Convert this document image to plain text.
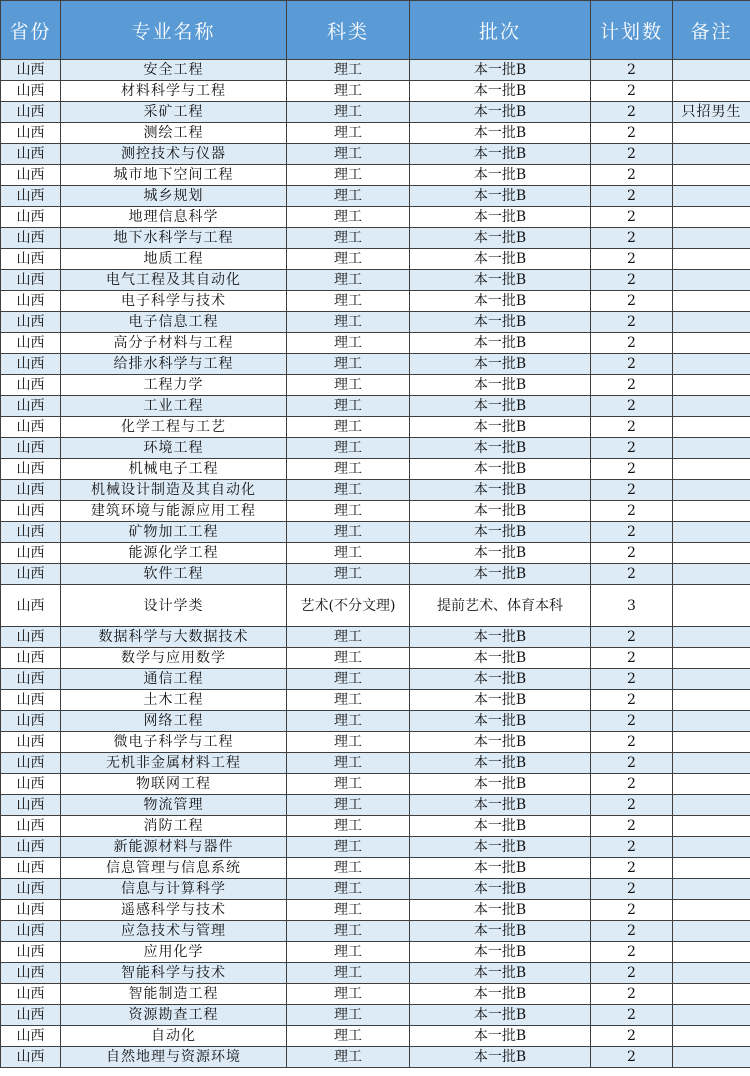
省份	专业名称	科类	批次	计划数	备注
山西	安全工程	理工	本一批B	2	
山西	材料科学与工程	理工	本一批B	2	
山西	采矿工程	理工	本一批B	2	只招男生
山西	测绘工程	理工	本一批B	2	
山西	测控技术与仪器	理工	本一批B	2	
山西	城市地下空间工程	理工	本一批B	2	
山西	城乡规划	理工	本一批B	2	
山西	地理信息科学	理工	本一批B	2	
山西	地下水科学与工程	理工	本一批B	2	
山西	地质工程	理工	本一批B	2	
山西	电气工程及其自动化	理工	本一批B	2	
山西	电子科学与技术	理工	本一批B	2	
山西	电子信息工程	理工	本一批B	2	
山西	高分子材料与工程	理工	本一批B	2	
山西	给排水科学与工程	理工	本一批B	2	
山西	工程力学	理工	本一批B	2	
山西	工业工程	理工	本一批B	2	
山西	化学工程与工艺	理工	本一批B	2	
山西	环境工程	理工	本一批B	2	
山西	机械电子工程	理工	本一批B	2	
山西	机械设计制造及其自动化	理工	本一批B	2	
山西	建筑环境与能源应用工程	理工	本一批B	2	
山西	矿物加工工程	理工	本一批B	2	
山西	能源化学工程	理工	本一批B	2	
山西	软件工程	理工	本一批B	2	
山西	设计学类	艺术(不分文理)	提前艺术、体育本科	3	
山西	数据科学与大数据技术	理工	本一批B	2	
山西	数学与应用数学	理工	本一批B	2	
山西	通信工程	理工	本一批B	2	
山西	土木工程	理工	本一批B	2	
山西	网络工程	理工	本一批B	2	
山西	微电子科学与工程	理工	本一批B	2	
山西	无机非金属材料工程	理工	本一批B	2	
山西	物联网工程	理工	本一批B	2	
山西	物流管理	理工	本一批B	2	
山西	消防工程	理工	本一批B	2	
山西	新能源材料与器件	理工	本一批B	2	
山西	信息管理与信息系统	理工	本一批B	2	
山西	信息与计算科学	理工	本一批B	2	
山西	遥感科学与技术	理工	本一批B	2	
山西	应急技术与管理	理工	本一批B	2	
山西	应用化学	理工	本一批B	2	
山西	智能科学与技术	理工	本一批B	2	
山西	智能制造工程	理工	本一批B	2	
山西	资源勘查工程	理工	本一批B	2	
山西	自动化	理工	本一批B	2	
山西	自然地理与资源环境	理工	本一批B	2	
